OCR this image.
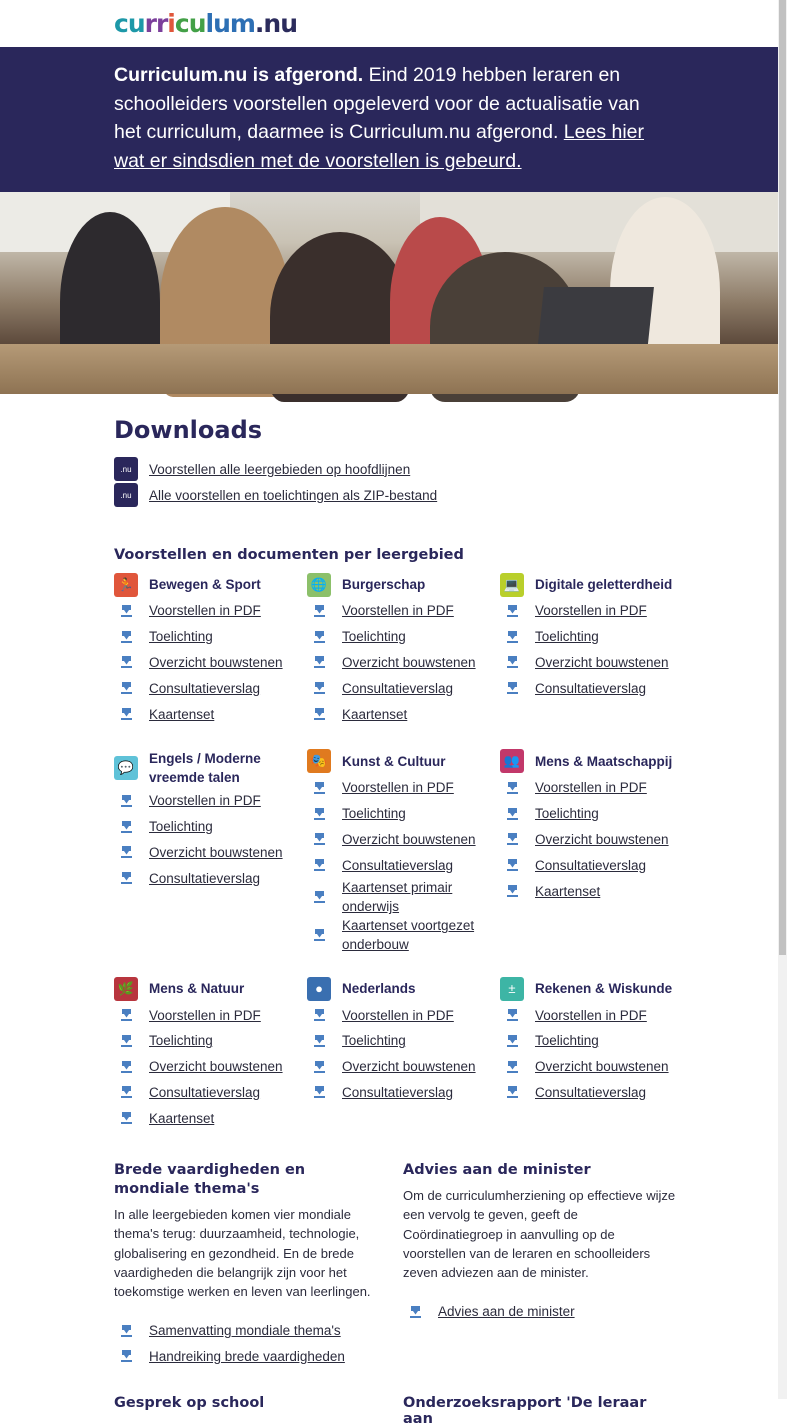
curriculum.nu

Curriculum.nu is afgerond. Eind 2019 hebben leraren en schoolleiders voorstellen opgeleverd voor de actualisatie van het curriculum, daarmee is Curriculum.nu afgerond. Lees hier wat er sindsdien met de voorstellen is gebeurd.

Downloads
.nu	Voorstellen alle leergebieden op hoofdlijnen
.nu	Alle voorstellen en toelichtingen als ZIP-bestand
Voorstellen en documenten per leergebied
🏃 Bewegen & Sport
Voorstellen in PDF
Toelichting
Overzicht bouwstenen
Consultatieverslag
Kaartenset
🌐 Burgerschap
Voorstellen in PDF
Toelichting
Overzicht bouwstenen
Consultatieverslag
Kaartenset
💻 Digitale geletterdheid
Voorstellen in PDF
Toelichting
Overzicht bouwstenen
Consultatieverslag
💬
Engels / Moderne vreemde talen
Voorstellen in PDF
Toelichting
Overzicht bouwstenen
Consultatieverslag
🎭 Kunst & Cultuur
Voorstellen in PDF
Toelichting
Overzicht bouwstenen
Consultatieverslag
Kaartenset primair onderwijs
Kaartenset voortgezet onderbouw
👥 Mens & Maatschappij
Voorstellen in PDF
Toelichting
Overzicht bouwstenen
Consultatieverslag
Kaartenset
🌿 Mens & Natuur
Voorstellen in PDF
Toelichting
Overzicht bouwstenen
Consultatieverslag
Kaartenset
●	Nederlands
Voorstellen in PDF
Toelichting
Overzicht bouwstenen
Consultatieverslag
±	Rekenen & Wiskunde
Voorstellen in PDF
Toelichting
Overzicht bouwstenen
Consultatieverslag
Brede vaardigheden en mondiale thema's

In alle leergebieden komen vier mondiale thema's terug: duurzaamheid, technologie, globalisering en gezondheid. En de brede vaardigheden die belangrijk zijn voor het toekomstige werken en leven van leerlingen.

Samenvatting mondiale thema's
Handreiking brede vaardigheden
Advies aan de minister

Om de curriculumherziening op effectieve wijze een vervolg te geven, geeft de Coördinatiegroep in aanvulling op de voorstellen van de leraren en schoolleiders zeven adviezen aan de minister.

Advies aan de minister
Gesprek op school	Onderzoeksrapport 'De leraar aan
